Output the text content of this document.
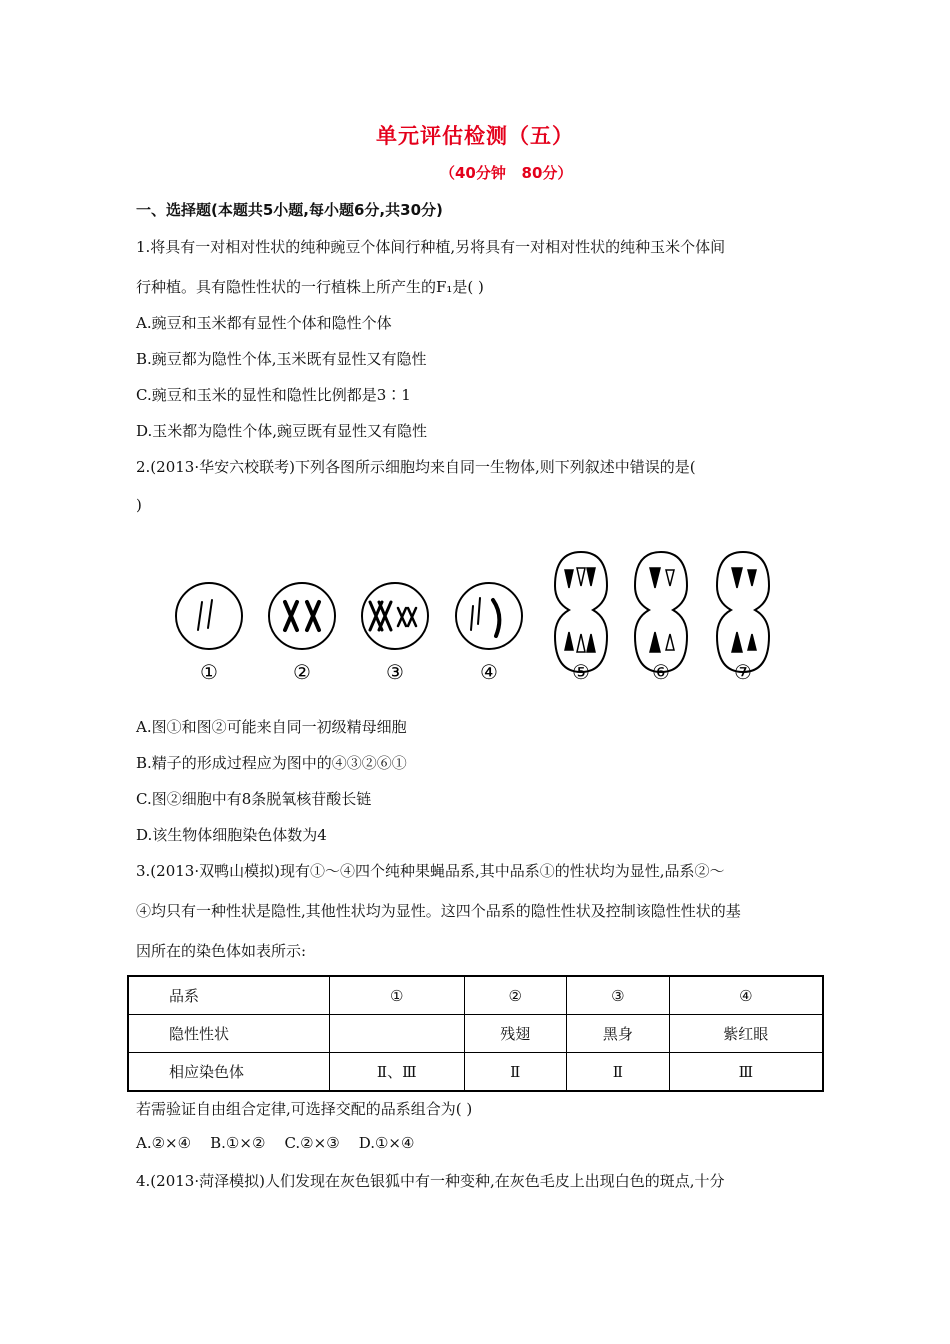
单元评估检测（五）
（40分钟   80分）
一、选择题(本题共5小题,每小题6分,共30分)
1.将具有一对相对性状的纯种豌豆个体间行种植,另将具有一对相对性状的纯种玉米个体间
行种植。具有隐性性状的一行植株上所产生的F₁是( )
A.豌豆和玉米都有显性个体和隐性个体
B.豌豆都为隐性个体,玉米既有显性又有隐性
C.豌豆和玉米的显性和隐性比例都是3∶1
D.玉米都为隐性个体,豌豆既有显性又有隐性
2.(2013·华安六校联考)下列各图所示细胞均来自同一生物体,则下列叙述中错误的是(
)
①	②	③	④	⑤	⑥	⑦
A.图①和图②可能来自同一初级精母细胞
B.精子的形成过程应为图中的④③②⑥①
C.图②细胞中有8条脱氧核苷酸长链
D.该生物体细胞染色体数为4
3.(2013·双鸭山模拟)现有①～④四个纯种果蝇品系,其中品系①的性状均为显性,品系②～
④均只有一种性状是隐性,其他性状均为显性。这四个品系的隐性性状及控制该隐性性状的基
因所在的染色体如表所示:
品系	①	②	③	④
隐性性状		残翅	黑身	紫红眼
相应染色体	Ⅱ、Ⅲ	Ⅱ	Ⅱ	Ⅲ
若需验证自由组合定律,可选择交配的品系组合为( )
A.②×④    B.①×②    C.②×③    D.①×④
4.(2013·菏泽模拟)人们发现在灰色银狐中有一种变种,在灰色毛皮上出现白色的斑点,十分
